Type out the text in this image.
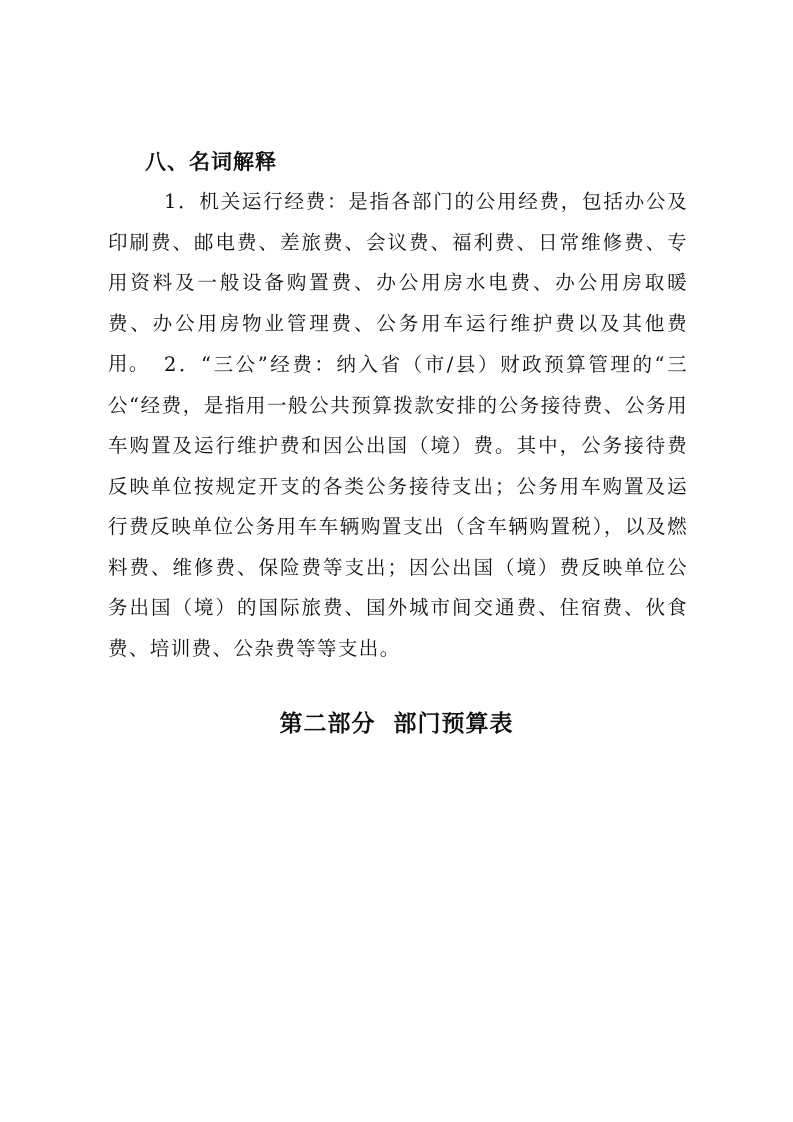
八、名词解释

1．机关运行经费：是指各部门的公用经费，包括办公及印刷费、邮电费、差旅费、会议费、福利费、日常维修费、专用资料及一般设备购置费、办公用房水电费、办公用房取暖费、办公用房物业管理费、公务用车运行维护费以及其他费用。 2．“三公”经费：纳入省（市/县）财政预算管理的“三公“经费，是指用一般公共预算拨款安排的公务接待费、公务用车购置及运行维护费和因公出国（境）费。其中，公务接待费反映单位按规定开支的各类公务接待支出；公务用车购置及运行费反映单位公务用车车辆购置支出（含车辆购置税），以及燃料费、维修费、保险费等支出；因公出国（境）费反映单位公务出国（境）的国际旅费、国外城市间交通费、住宿费、伙食费、培训费、公杂费等等支出。

第二部分  部门预算表
